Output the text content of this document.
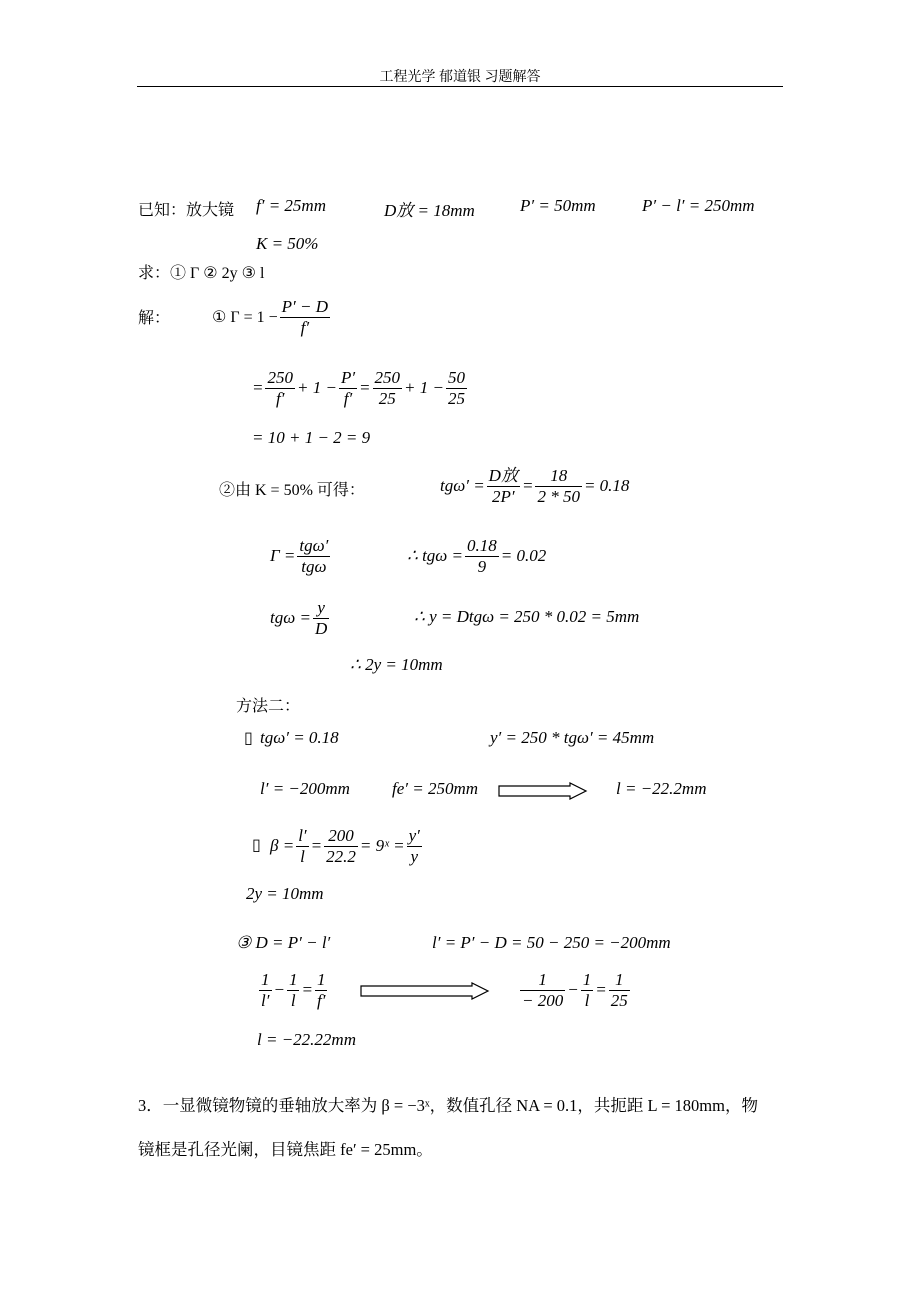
工程光学 郁道银 习题解答
已知：放大镜 f′ = 25mm	D放 = 18mm	P′ = 50mm	P′ − l′ = 250mm
K = 50%
求：① Γ ② 2y ③ l
解：	① $\Gamma = 1 - \frac{P' - D}{f'}$
= $\frac{250}{f'} + 1 - \frac{P'}{f'} = \frac{250}{25} + 1 - \frac{50}{25}$
= 10 + 1 − 2 = 9
②由 K = 50% 可得：	$tg\omega' = \frac{\text{D放}}{2P'} = \frac{18}{2 * 50} = 0.18$
$\Gamma = \frac{\text{tgω′}}{\text{tgω}}$	∴ $tg\omega = \frac{0.18}{9} = 0.02$
$tg\omega = \frac{y}{D}$	∴ y = Dtgω = 250 * 0.02 = 5mm
∴ 2y = 10mm
方法二：
▯ tgω′ = 0.18	y′ = 250 * tgω′ = 45mm
l′ = −200mm fe′ = 250mm	l = −22.2mm
▯ $\beta = \frac{l'}{l} = \frac{200}{22.2}$ = 9ˣ = $\frac{y'}{y}$
2y = 10mm
③ D = P′ − l′	l′ = P′ − D = 50 − 250 = −200mm
$\frac{1}{l'} - \frac{1}{l} = \frac{1}{f'}$	$\frac{1}{- 200} - \frac{1}{l} = \frac{1}{25}$
l = −22.22mm
3．一显微镜物镜的垂轴放大率为 β = −3ˣ，数值孔径 NA = 0.1，共扼距 L = 180mm，物
镜框是孔径光阑，目镜焦距 fe′ = 25mm。
